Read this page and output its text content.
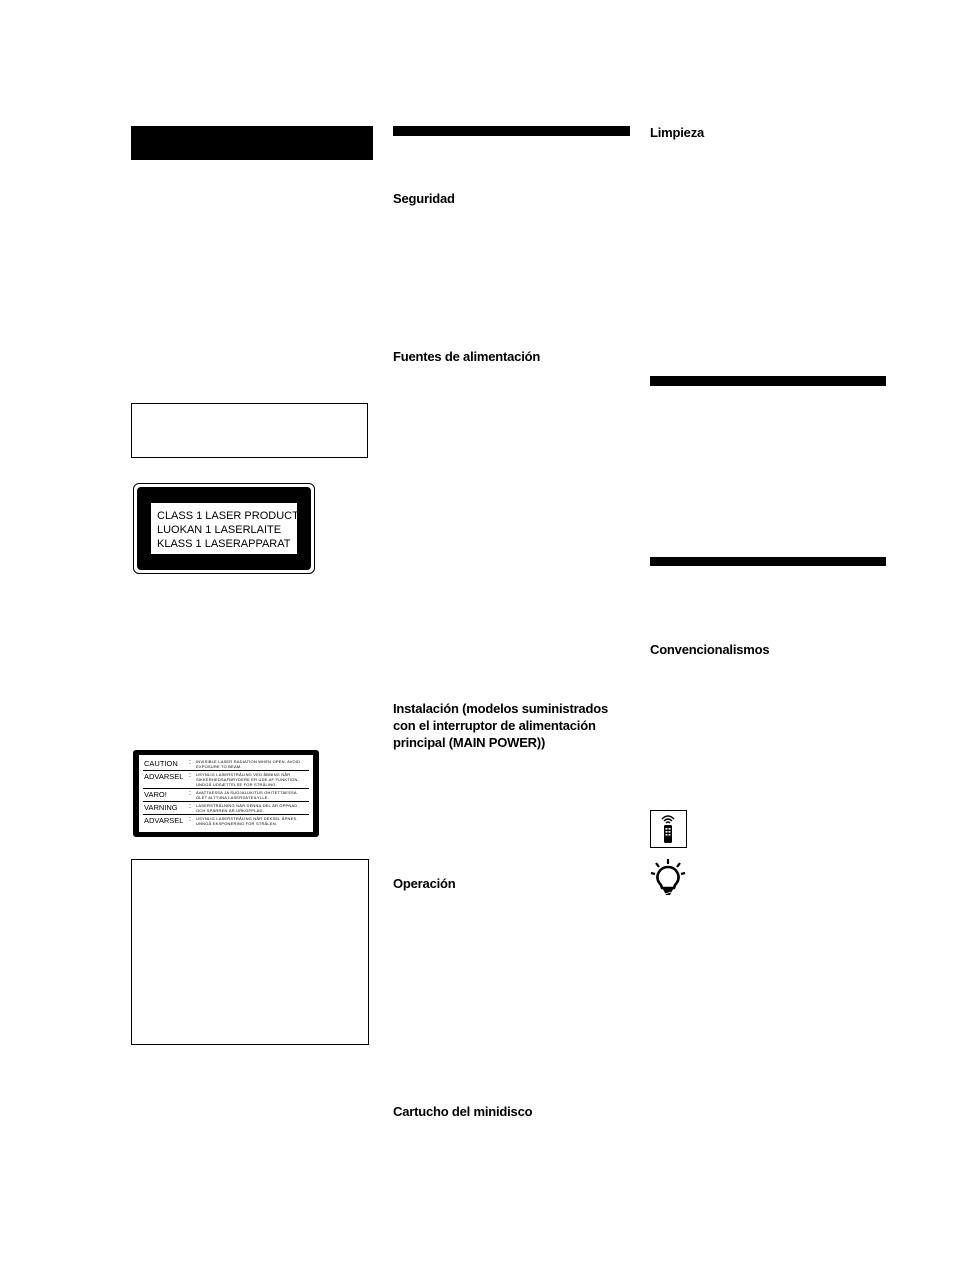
CLASS 1 LASER PRODUCT
LUOKAN 1 LASERLAITE
KLASS 1 LASERAPPARAT
CAUTION	:	INVISIBLE LASER RADIATION WHEN OPEN. AVOID EXPOSURE TO BEAM.
ADVARSEL	:	USYNLIG LASERSTRÅLING VED ÅBNING NÅR SIKKERHEDSAFBRYDERE ER UDE AF FUNKTION. UNDGÅ UDSÆTTELSE FOR STRÅLING.
VARO!	:	AVATTAESSA JA SUOJALUKITUS OHITETTAESSA OLET ALTTIINA LASERSÄTEILYLLE.
VARNING	:	LASERSTRÅLNING NÄR DENNA DEL ÄR ÖPPNAD OCH SPÄRREN ÄR URKOPPLAD.
ADVARSEL	:	USYNLIG LASERSTRÅLING NÅR DEKSEL ÅPNES. UNNGÅ EKSPONERING FOR STRÅLEN.
Seguridad
Fuentes de alimentación
Instalación (modelos suministrados
con el interruptor de alimentación
principal (MAIN POWER))
Operación
Cartucho del minidisco
Limpieza
Convencionalismos
